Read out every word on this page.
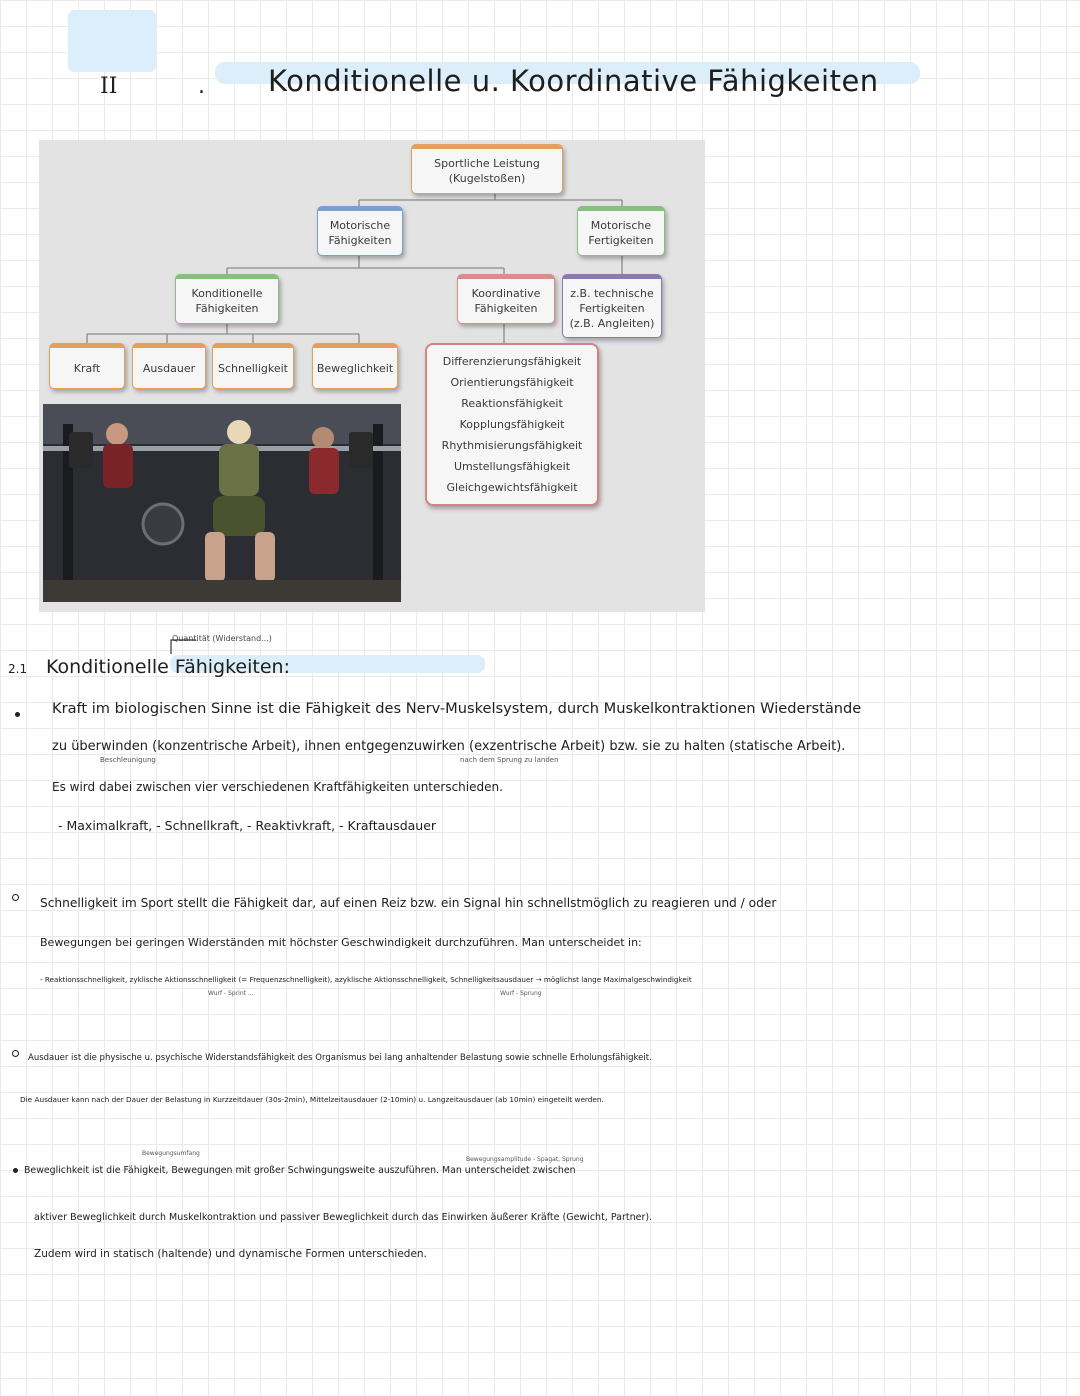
II	. Konditionelle u. Koordinative Fähigkeiten
Sportliche Leistung
(Kugelstoßen)
Motorische
Fähigkeiten
Motorische
Fertigkeiten
Konditionelle
Fähigkeiten
Koordinative
Fähigkeiten
z.B. technische
Fertigkeiten
(z.B. Angleiten)
Kraft	Ausdauer Schnelligkeit	Beweglichkeit	Differenzierungsfähigkeit
Orientierungsfähigkeit
Reaktionsfähigkeit
Kopplungsfähigkeit
Rhythmisierungsfähigkeit
Umstellungsfähigkeit
Gleichgewichtsfähigkeit
Quantität (Widerstand...)
2.1 Konditionelle Fähigkeiten:
Kraft im biologischen Sinne ist die Fähigkeit des Nerv-Muskelsystem, durch Muskelkontraktionen Wiederstände
zu überwinden (konzentrische Arbeit), ihnen entgegenzuwirken (exzentrische Arbeit) bzw. sie zu halten (statische Arbeit).
Beschleunigung	nach dem Sprung zu landen
Es wird dabei zwischen vier verschiedenen Kraftfähigkeiten unterschieden.
- Maximalkraft, - Schnellkraft, - Reaktivkraft, - Kraftausdauer
Schnelligkeit im Sport stellt die Fähigkeit dar, auf einen Reiz bzw. ein Signal hin schnellstmöglich zu reagieren und / oder
Bewegungen bei geringen Widerständen mit höchster Geschwindigkeit durchzuführen. Man unterscheidet in:
- Reaktionsschnelligkeit, zyklische Aktionsschnelligkeit (= Frequenzschnelligkeit), azyklische Aktionsschnelligkeit, Schnelligkeitsausdauer → möglichst lange Maximalgeschwindigkeit
Wurf - Sprint ...	Wurf - Sprung
Ausdauer ist die physische u. psychische Widerstandsfähigkeit des Organismus bei lang anhaltender Belastung sowie schnelle Erholungsfähigkeit.
Die Ausdauer kann nach der Dauer der Belastung in Kurzzeitdauer (30s-2min), Mittelzeitausdauer (2-10min) u. Langzeitausdauer (ab 10min) eingeteilt werden.
Bewegungsumfang
Bewegungsamplitude - Spagat, Sprung
Beweglichkeit ist die Fähigkeit, Bewegungen mit großer Schwingungsweite auszuführen. Man unterscheidet zwischen
aktiver Beweglichkeit durch Muskelkontraktion und passiver Beweglichkeit durch das Einwirken äußerer Kräfte (Gewicht, Partner).
Zudem wird in statisch (haltende) und dynamische Formen unterschieden.
